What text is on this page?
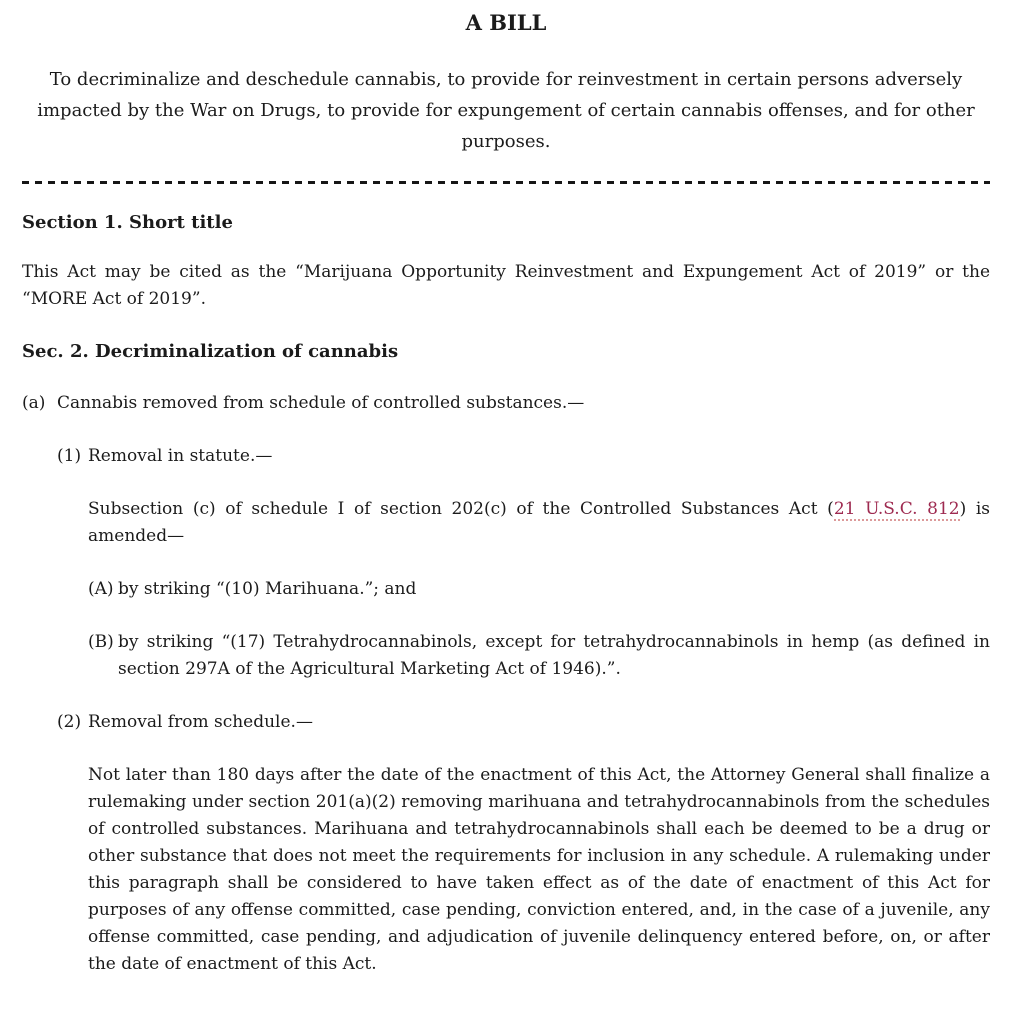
A BILL

To decriminalize and deschedule cannabis, to provide for reinvestment in certain persons adversely impacted by the War on Drugs, to provide for expungement of certain cannabis offenses, and for other purposes.

Section 1. Short title

This Act may be cited as the “Marijuana Opportunity Reinvestment and Expungement Act of 2019” or the “MORE Act of 2019”.

Sec. 2. Decriminalization of cannabis
(a) Cannabis removed from schedule of controlled substances.—
(1) Removal in statute.—

Subsection (c) of schedule I of section 202(c) of the Controlled Substances Act (21 U.S.C. 812) is amended—

(A) by striking “(10) Marihuana.”; and
(B) by striking “(17) Tetrahydrocannabinols, except for tetrahydrocannabinols in hemp (as defined in section 297A of the Agricultural Marketing Act of 1946).”.
(2) Removal from schedule.—

Not later than 180 days after the date of the enactment of this Act, the Attorney General shall finalize a rulemaking under section 201(a)(2) removing marihuana and tetrahydrocannabinols from the schedules of controlled substances. Marihuana and tetrahydrocannabinols shall each be deemed to be a drug or other substance that does not meet the requirements for inclusion in any schedule. A rulemaking under this paragraph shall be considered to have taken effect as of the date of enactment of this Act for purposes of any offense committed, case pending, conviction entered, and, in the case of a juvenile, any offense committed, case pending, and adjudication of juvenile delinquency entered before, on, or after the date of enactment of this Act.
